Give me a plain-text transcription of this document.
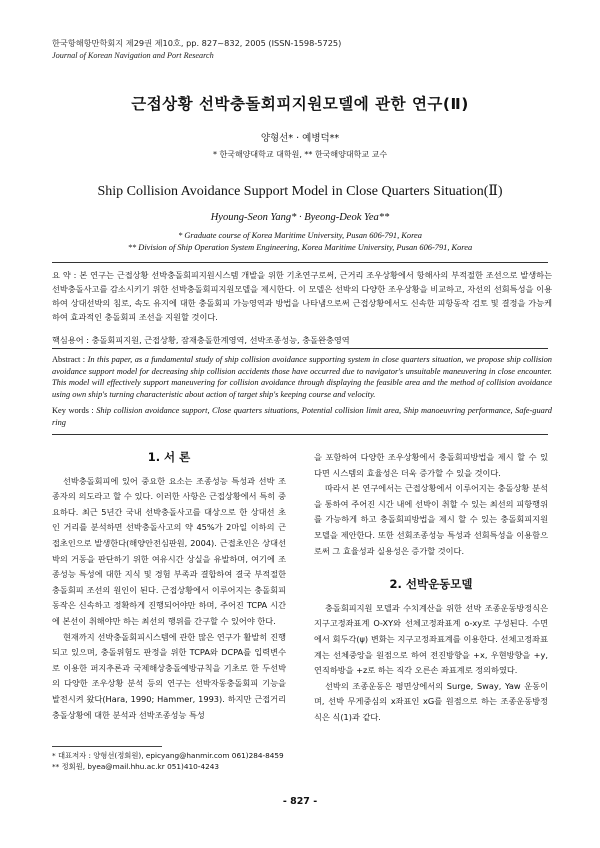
한국항해항만학회지 제29권 제10호, pp. 827~832, 2005 (ISSN-1598-5725)
Journal of Korean Navigation and Port Research
근접상황 선박충돌회피지원모델에 관한 연구(Ⅱ)
양형선* · 예병덕**
* 한국해양대학교 대학원, ** 한국해양대학교 교수
Ship Collision Avoidance Support Model in Close Quarters Situation(Ⅱ)
Hyoung-Seon Yang* · Byeong-Deok Yea**
* Graduate course of Korea Maritime University, Pusan 606-791, Korea
** Division of Ship Operation System Engineering, Korea Maritime University, Pusan 606-791, Korea
요 약 : 본 연구는 근접상황 선박충돌회피지원시스템 개발을 위한 기초연구로써, 근거리 조우상황에서 항해사의 부적절한 조선으로 발생하는 선박충돌사고를 감소시키기 위한 선박충돌회피지원모델을 제시한다. 이 모델은 선박의 다양한 조우상황을 비교하고, 자선의 선회특성을 이용하여 상대선박의 침로, 속도 유지에 대한 충돌회피 가능영역과 방법을 나타냄으로써 근접상황에서도 신속한 피항동작 검토 및 결정을 가능케 하여 효과적인 충돌회피 조선을 지원할 것이다.
핵심용어 : 충돌회피지원, 근접상황, 잠재충돌한계영역, 선박조종성능, 충돌완충영역
Abstract : In this paper, as a fundamental study of ship collision avoidance supporting system in close quarters situation, we propose ship collision avoidance support model for decreasing ship collision accidents those have occurred due to navigator's unsuitable maneuvering in close encounter. This model will effectively support maneuvering for collision avoidance through displaying the feasible area and the method of collision avoidance using own ship's turning characteristic about action of target ship's keeping course and velocity.
Key words : Ship collision avoidance support, Close quarters situations, Potential collision limit area, Ship manoeuvring performance, Safe-guard ring

1. 서 론

선박충돌회피에 있어 중요한 요소는 조종성능 특성과 선박 조종자의 의도라고 할 수 있다. 이러한 사항은 근접상황에서 특히 중요하다. 최근 5년간 국내 선박충돌사고를 대상으로 한 상대선 초인 거리를 분석하면 선박충돌사고의 약 45%가 2마일 이하의 근접초인으로 발생한다(해양안전심판원, 2004). 근접초인은 상대선박의 거동을 판단하기 위한 여유시간 상실을 유발하며, 여기에 조종성능 특성에 대한 지식 및 경험 부족과 결합하여 결국 부적절한 충돌회피 조선의 원인이 된다. 근접상황에서 이루어지는 충돌회피 동작은 신속하고 정확하게 진행되어야만 하며, 주어진 TCPA 시간에 본선이 취해야만 하는 최선의 행위를 간구할 수 있어야 한다.

현재까지 선박충돌회피시스템에 관한 많은 연구가 활발히 진행되고 있으며, 충돌위험도 판정을 위한 TCPA와 DCPA를 입력변수로 이용한 퍼지추론과 국제해상충돌예방규칙을 기초로 한 두선박의 다양한 조우상황 분석 등의 연구는 선박자동충돌회피 기능을 발전시켜 왔다(Hara, 1990; Hammer, 1993). 하지만 근접거리 충돌상황에 대한 분석과 선박조종성능 특성

을 포함하여 다양한 조우상황에서 충돌회피방법을 제시 할 수 있다면 시스템의 효율성은 더욱 증가할 수 있을 것이다.

따라서 본 연구에서는 근접상황에서 이루어지는 충돌상황 분석을 통하여 주어진 시간 내에 선박이 취할 수 있는 최선의 피항행위를 가능하게 하고 충돌회피방법을 제시 할 수 있는 충돌회피지원 모델을 제안한다. 또한 선회조종성능 특성과 선회특성을 이용함으로써 그 효율성과 실용성은 증가할 것이다.

2. 선박운동모델

충돌회피지원 모델과 수치계산을 위한 선박 조종운동방정식은 지구고정좌표계 O-XY와 선체고정좌표계 o-xy로 구성된다. 수면에서 회두각(ψ) 변화는 지구고정좌표계를 이용한다. 선체고정좌표계는 선체중앙을 원점으로 하여 전진방향을 +x, 우현방향을 +y, 연직하방을 +z로 하는 직각 오른손 좌표계로 정의하였다.

선박의 조종운동은 평면상에서의 Surge, Sway, Yaw 운동이며, 선박 무게중심의 x좌표인 xG를 원점으로 하는 조종운동방정식은 식(1)과 같다.

* 대표저자 : 양형선(정회원), epicyang@hanmir.com 061)284-8459
** 정회원, byea@mail.hhu.ac.kr 051)410-4243
- 827 -
